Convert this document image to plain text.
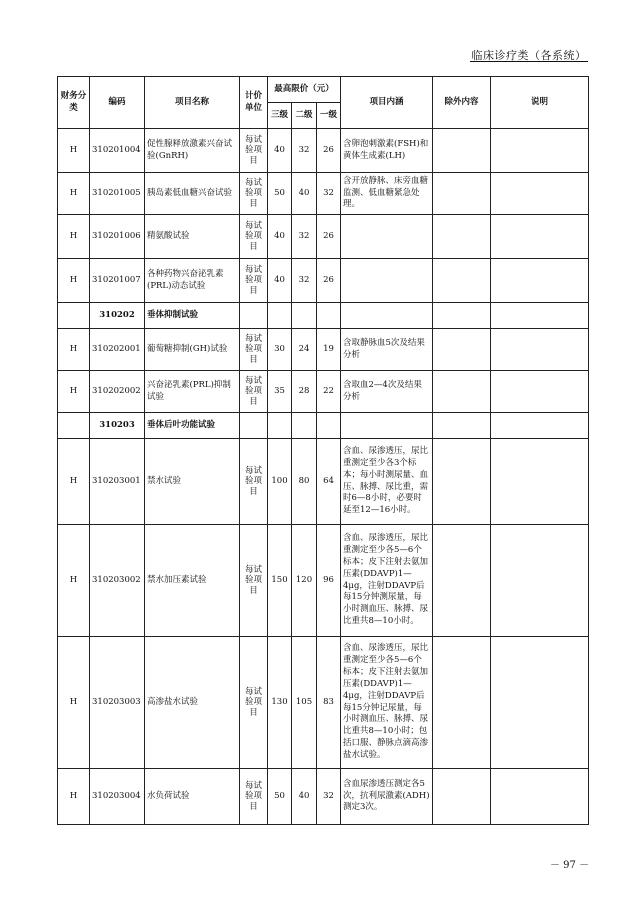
临床诊疗类（各系统）
财务分类	编码	项目名称	计价单位	最高限价（元）			项目内涵	除外内容	说明
				三级	二级	一级			
H	310201004	促性腺释放激素兴奋试验(GnRH)	每试验项目	40	32	26	含卵泡刺激素(FSH)和黄体生成素(LH)		
H	310201005	胰岛素低血糖兴奋试验	每试验项目	50	40	32	含开放静脉、床旁血糖监测、低血糖紧急处理。		
H	310201006	精氨酸试验	每试验项目	40	32	26			
H	310201007	各种药物兴奋泌乳素(PRL)动态试验	每试验项目	40	32	26			
	310202	垂体抑制试验							
H	310202001	葡萄糖抑制(GH)试验	每试验项目	30	24	19	含取静脉血5次及结果分析		
H	310202002	兴奋泌乳素(PRL)抑制试验	每试验项目	35	28	22	含取血2—4次及结果分析		
	310203	垂体后叶功能试验							
H	310203001	禁水试验	每试验项目	100	80	64	含血、尿渗透压，尿比重测定至少各3个标本；每小时测尿量、血压、脉搏、尿比重，需时6—8小时，必要时延至12—16小时。		
H	310203002	禁水加压素试验	每试验项目	150	120	96	含血、尿渗透压，尿比重测定至少各5—6个标本；皮下注射去氨加压素(DDAVP)1—4μg，注射DDAVP后每15分钟测尿量，每小时测血压、脉搏、尿比重共8—10小时。		
H	310203003	高渗盐水试验	每试验项目	130	105	83	含血、尿渗透压，尿比重测定至少各5—6个标本；皮下注射去氨加压素(DDAVP)1—4μg，注射DDAVP后每15分钟记尿量，每小时测血压、脉搏、尿比重共8—10小时；包括口服、静脉点滴高渗盐水试验。		
H	310203004	水负荷试验	每试验项目	50	40	32	含血尿渗透压测定各5次，抗利尿激素(ADH)测定3次。		
－ 97 －
